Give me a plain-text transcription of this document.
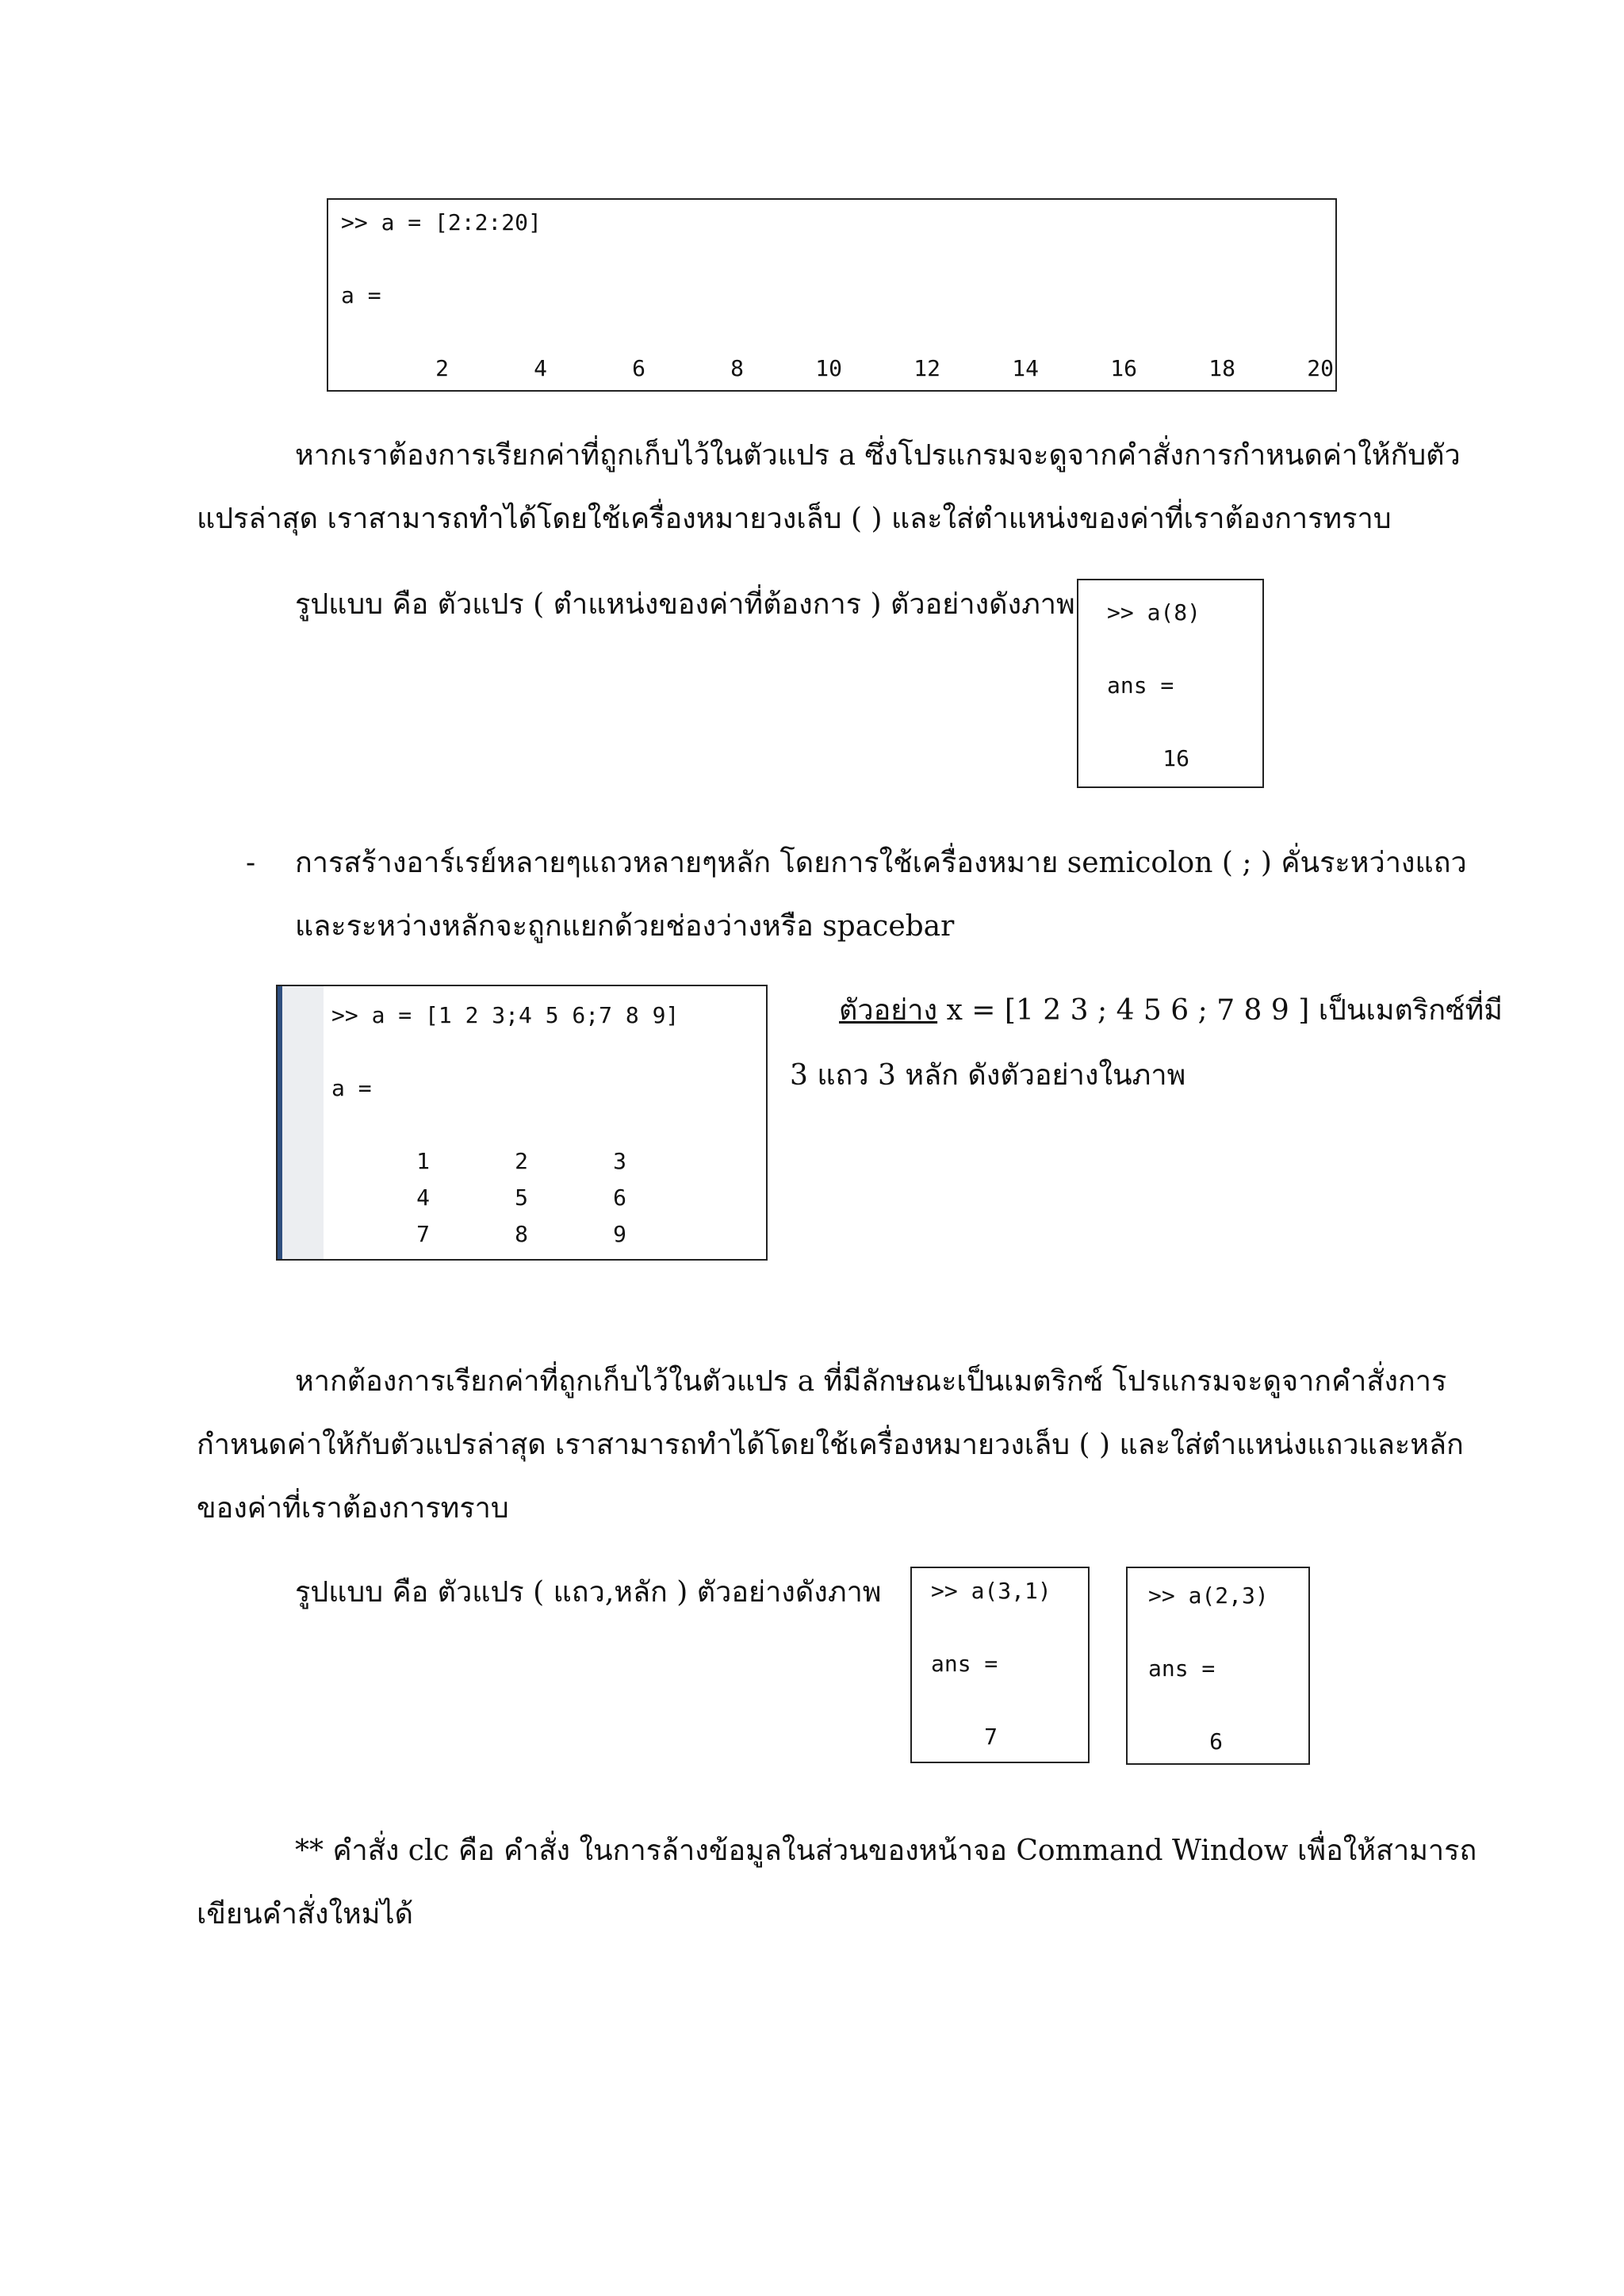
>> a = [2:2:20]
a =
2	4	6	8	10	12	14	16	18	20
หากเราต้องการเรียกค่าที่ถูกเก็บไว้ในตัวแปร a ซึ่งโปรแกรมจะดูจากคำสั่งการกำหนดค่าให้กับตัว
แปรล่าสุด เราสามารถทำได้โดยใช้เครื่องหมายวงเล็บ ( ) และใส่ตำแหน่งของค่าที่เราต้องการทราบ
รูปแบบ คือ ตัวแปร ( ตำแหน่งของค่าที่ต้องการ ) ตัวอย่างดังภาพ >> a(8)
ans =
16
- การสร้างอาร์เรย์หลายๆแถวหลายๆหลัก โดยการใช้เครื่องหมาย semicolon ( ; ) คั่นระหว่างแถว
และระหว่างหลักจะถูกแยกด้วยช่องว่างหรือ spacebar
>> a = [1 2 3;4 5 6;7 8 9]
a =
1	2	3
4	5	6
7	8	9
ตัวอย่าง x = [1 2 3 ; 4 5 6 ; 7 8 9 ] เป็นเมตริกซ์ที่มี
3 แถว 3 หลัก ดังตัวอย่างในภาพ
หากต้องการเรียกค่าที่ถูกเก็บไว้ในตัวแปร a ที่มีลักษณะเป็นเมตริกซ์ โปรแกรมจะดูจากคำสั่งการ
กำหนดค่าให้กับตัวแปรล่าสุด เราสามารถทำได้โดยใช้เครื่องหมายวงเล็บ ( ) และใส่ตำแหน่งแถวและหลัก
ของค่าที่เราต้องการทราบ
รูปแบบ คือ ตัวแปร ( แถว,หลัก ) ตัวอย่างดังภาพ >> a(3,1)
ans =
7
>> a(2,3)
ans =
6
** คำสั่ง clc คือ คำสั่ง ในการล้างข้อมูลในส่วนของหน้าจอ Command Window เพื่อให้สามารถ
เขียนคำสั่งใหม่ได้
